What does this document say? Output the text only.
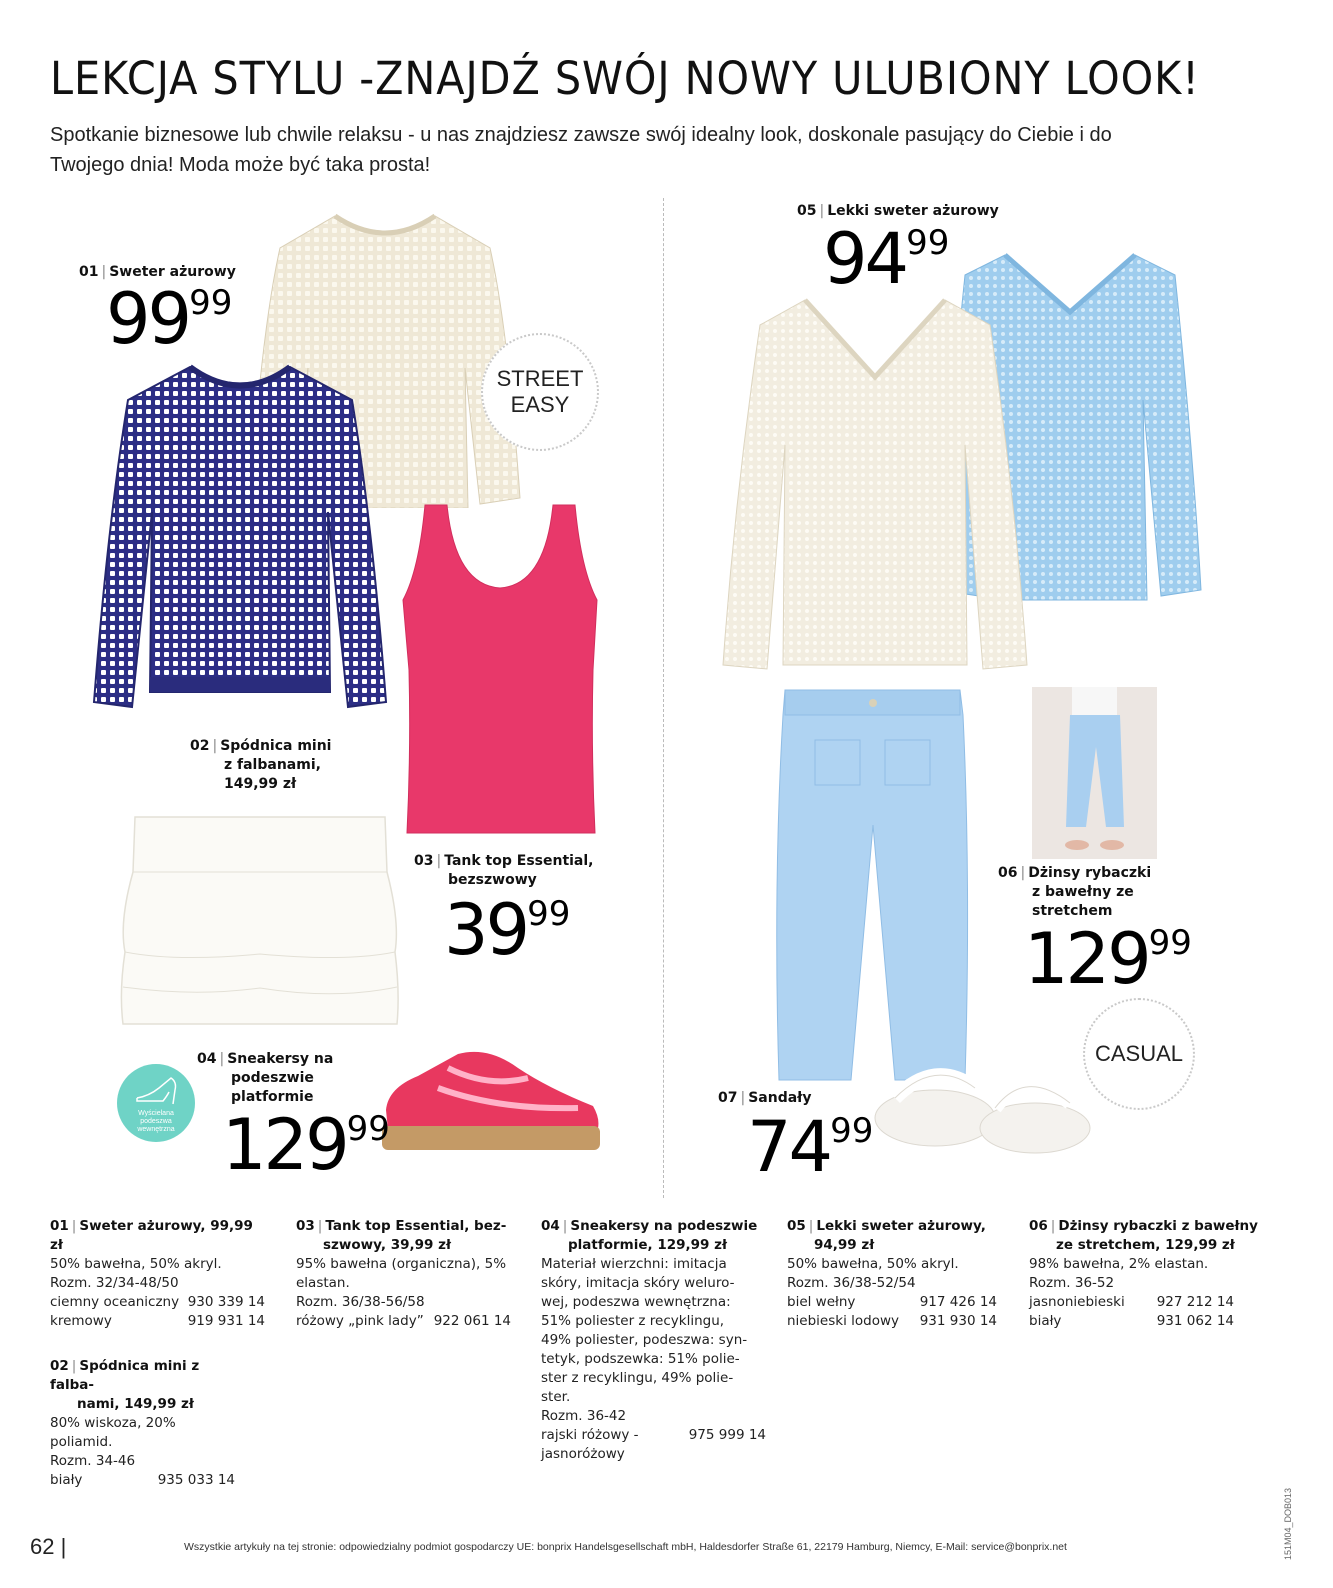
LEKCJA STYLU -ZNAJDŹ SWÓJ NOWY ULUBIONY LOOK!

Spotkanie biznesowe lub chwile relaksu - u nas znajdziesz zawsze swój idealny look, doskonale pasujący do Ciebie i do Twojego dnia! Moda może być taka prosta!

STREET
EASY
Wyścielana
podeszwa
wewnętrzna
01 | Sweter ażurowy
9999
02 | Spódnica mini
z falbanami,
149,99 zł
03 | Tank top Essential,
bezszwowy
3999
04 | Sneakersy na
podeszwie
platformie
12999
CASUAL
05 | Lekki sweter ażurowy
9499
06 | Dżinsy rybaczki
z bawełny ze
stretchem
12999
07 | Sandały
7499
01 | Sweter ażurowy, 99,99 zł
50% bawełna, 50% akryl.
Rozm. 32/34-48/50
ciemny oceaniczny 930 339 14
kremowy	919 931 14
02 | Spódnica mini z falba-
nami, 149,99 zł
80% wiskoza, 20% poliamid.
Rozm. 34-46
biały	935 033 14
03 | Tank top Essential, bez-
szwowy, 39,99 zł
95% bawełna (organiczna), 5%
elastan.
Rozm. 36/38-56/58
różowy „pink lady” 922 061 14
04 | Sneakersy na podeszwie
platformie, 129,99 zł
Materiał wierzchni: imitacja
skóry, imitacja skóry weluro-
wej, podeszwa wewnętrzna:
51% poliester z recyklingu,
49% poliester, podeszwa: syn-
tetyk, podszewka: 51% polie-
ster z recyklingu, 49% polie-
ster.
Rozm. 36-42
rajski różowy -
jasnoróżowy
975 999 14
05 | Lekki sweter ażurowy,
94,99 zł
50% bawełna, 50% akryl.
Rozm. 36/38-52/54
biel wełny	917 426 14
niebieski lodowy 931 930 14
06 | Dżinsy rybaczki z bawełny
ze stretchem, 129,99 zł
98% bawełna, 2% elastan.
Rozm. 36-52
jasnoniebieski 927 212 14
biały	931 062 14
62 |	Wszystkie artykuły na tej stronie: odpowiedzialny podmiot gospodarczy UE: bonprix Handelsgesellschaft mbH, Haldesdorfer Straße 61, 22179 Hamburg, Niemcy, E-Mail: service@bonprix.net	151M04_DOB013
